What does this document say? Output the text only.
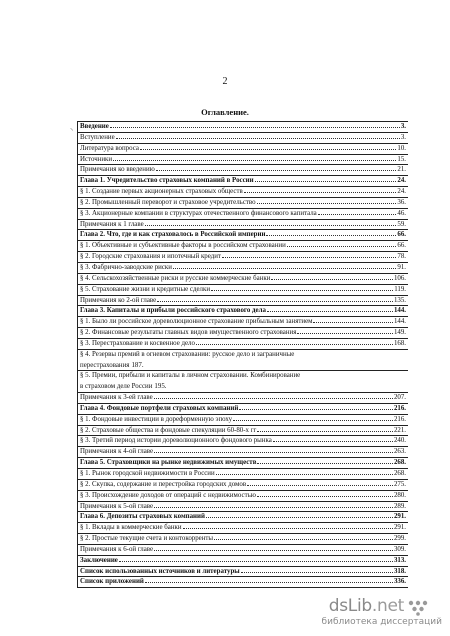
2
Оглавление.
⸜ Введение	3.
Вступление	3.
Литература вопроса	10.
Источники	15.
Примечания ко введению	21.
Глава 1. Учредительство страховых компаний в России	24.
§ 1. Создание первых акционерных страховых обществ	24.
§ 2. Промышленный переворот и страховое учредительство	36.
§ 3. Акционерные компании в структурах отечественного финансового капитала	46.
Примечания к 1 главе	59.
Глава 2. Что, где и как страховалось в Российской империи	66.
§ 1. Объективные и субъективные факторы в российском страховании	66.
§ 2. Городские страхования и ипотечный кредит	78.
§ 3. Фабрично-заводские риски	91.
§ 4. Сельскохозяйственные риски и русские коммерческие банки	106.
§ 5. Страхование жизни и кредитные сделки	119.
Примечания ко 2-ой главе	135.
Глава 3. Капиталы и прибыли российского страхового дела	144.
§ 1. Было ли российское дореволюционное страхование прибыльным занятием	144.
§ 2. Финансовые результаты главных видов имущественного страхования	149.
§ 3. Перестрахование и косвенное дело	168.
§ 4. Резервы премий в огневом страховании: русское дело и заграничные
перестрахования 187.
§ 5. Премии, прибыли и капиталы в личном страховании. Комбинирование
в страховом деле России 195.
Примечания к 3-ей главе	207.
Глава 4. Фондовые портфели страховых компаний	216.
§ 1. Фондовые инвестиции в дореформенную эпоху	216.
§ 2. Страховые общества и фондовые спекуляции 60-80-х гг	221.
§ 3. Третий период истории дореволюционного фондового рынка	240.
Примечания к 4-ой главе	263.
Глава 5. Страховщики на рынке недвижимых имуществ	268.
§ 1. Рынок городской недвижимости в России	268.
§ 2. Скупка, содержание и перестройка городских домов	275.
§ 3. Происхождение доходов от операций с недвижимостью	280.
Примечания к 5-ой главе	289.
Глава 6. Депозиты страховых компаний	291.
§ 1. Вклады в коммерческие банки	291.
§ 2. Простые текущие счета и контокорренты	299.
Примечания к 6-ой главе	309.
Заключение	313.
Список использованных источников и литературы	318.
Список приложений	336.
dsLib.net
библиотека диссертаций
